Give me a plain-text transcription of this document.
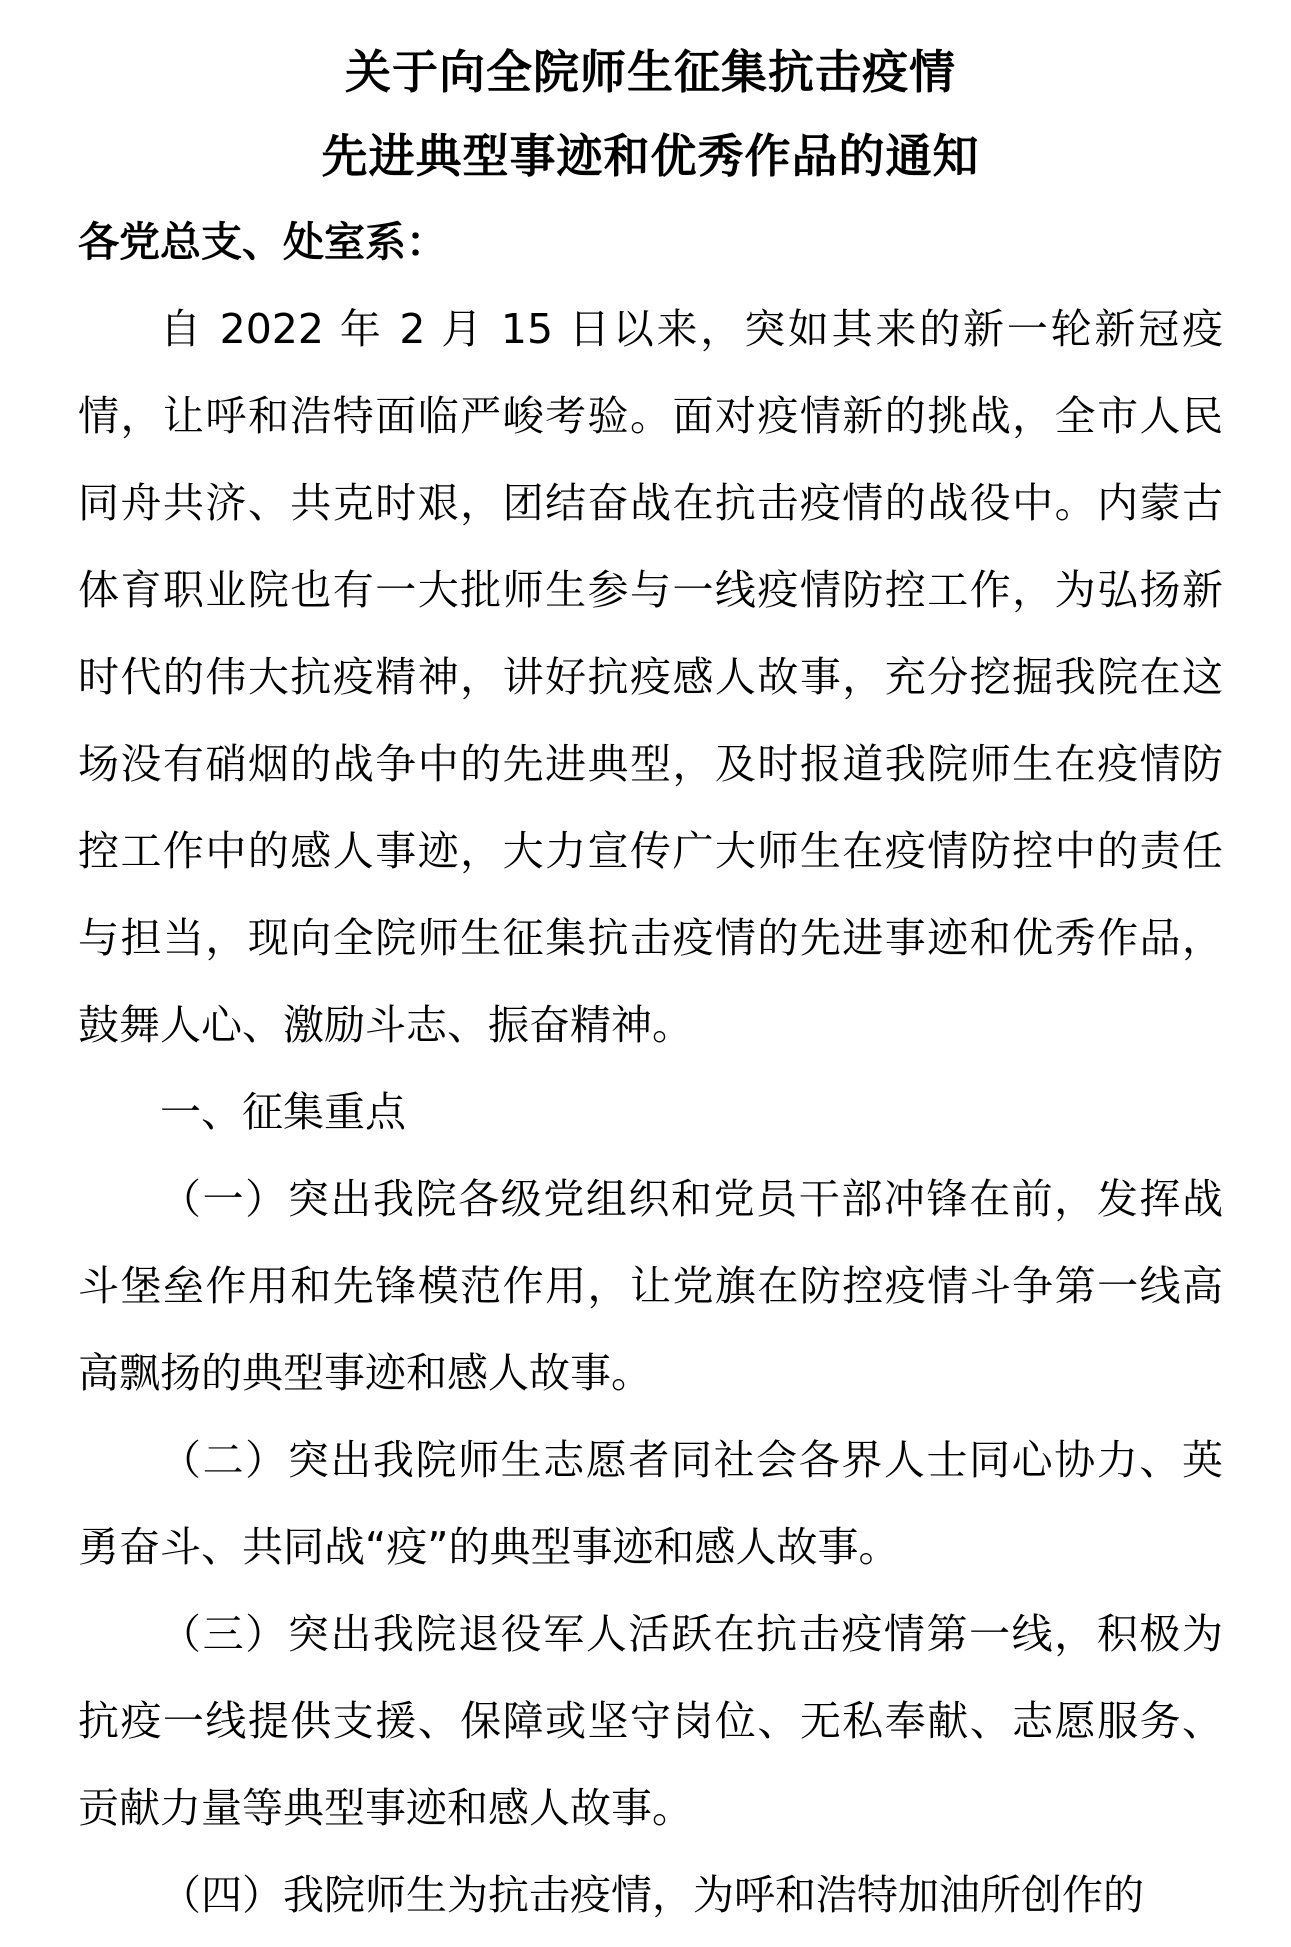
关于向全院师生征集抗击疫情
先进典型事迹和优秀作品的通知

各党总支、处室系：

自 2022 年 2 月 15 日以来，突如其来的新一轮新冠疫情，让呼和浩特面临严峻考验。面对疫情新的挑战，全市人民同舟共济、共克时艰，团结奋战在抗击疫情的战役中。内蒙古体育职业院也有一大批师生参与一线疫情防控工作，为弘扬新时代的伟大抗疫精神，讲好抗疫感人故事，充分挖掘我院在这场没有硝烟的战争中的先进典型，及时报道我院师生在疫情防控工作中的感人事迹，大力宣传广大师生在疫情防控中的责任与担当，现向全院师生征集抗击疫情的先进事迹和优秀作品，鼓舞人心、激励斗志、振奋精神。

一、征集重点

（一）突出我院各级党组织和党员干部冲锋在前，发挥战斗堡垒作用和先锋模范作用，让党旗在防控疫情斗争第一线高高飘扬的典型事迹和感人故事。

（二）突出我院师生志愿者同社会各界人士同心协力、英勇奋斗、共同战“疫”的典型事迹和感人故事。

（三）突出我院退役军人活跃在抗击疫情第一线，积极为抗疫一线提供支援、保障或坚守岗位、无私奉献、志愿服务、贡献力量等典型事迹和感人故事。

（四）我院师生为抗击疫情，为呼和浩特加油所创作的
